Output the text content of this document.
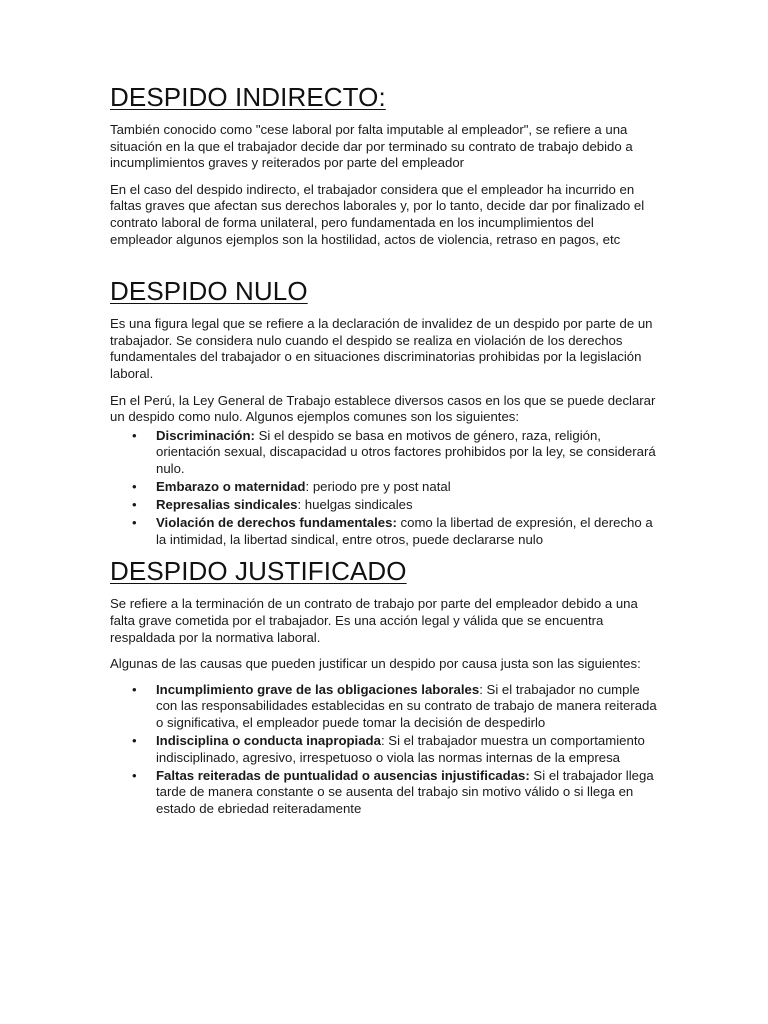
DESPIDO INDIRECTO:

También conocido como "cese laboral por falta imputable al empleador", se refiere a una situación en la que el trabajador decide dar por terminado su contrato de trabajo debido a incumplimientos graves y reiterados por parte del empleador

En el caso del despido indirecto, el trabajador considera que el empleador ha incurrido en faltas graves que afectan sus derechos laborales y, por lo tanto, decide dar por finalizado el contrato laboral de forma unilateral, pero fundamentada en los incumplimientos del empleador algunos ejemplos son la hostilidad, actos de violencia, retraso en pagos, etc

DESPIDO NULO

Es una figura legal que se refiere a la declaración de invalidez de un despido por parte de un trabajador. Se considera nulo cuando el despido se realiza en violación de los derechos fundamentales del trabajador o en situaciones discriminatorias prohibidas por la legislación laboral.

En el Perú, la Ley General de Trabajo establece diversos casos en los que se puede declarar un despido como nulo. Algunos ejemplos comunes son los siguientes:

• Discriminación: Si el despido se basa en motivos de género, raza, religión, orientación sexual, discapacidad u otros factores prohibidos por la ley, se considerará nulo.
• Embarazo o maternidad: periodo pre y post natal
• Represalias sindicales: huelgas sindicales
• Violación de derechos fundamentales: como la libertad de expresión, el derecho a la intimidad, la libertad sindical, entre otros, puede declararse nulo
DESPIDO JUSTIFICADO

Se refiere a la terminación de un contrato de trabajo por parte del empleador debido a una falta grave cometida por el trabajador. Es una acción legal y válida que se encuentra respaldada por la normativa laboral.

Algunas de las causas que pueden justificar un despido por causa justa son las siguientes:

• Incumplimiento grave de las obligaciones laborales: Si el trabajador no cumple con las responsabilidades establecidas en su contrato de trabajo de manera reiterada o significativa, el empleador puede tomar la decisión de despedirlo
• Indisciplina o conducta inapropiada: Si el trabajador muestra un comportamiento indisciplinado, agresivo, irrespetuoso o viola las normas internas de la empresa
• Faltas reiteradas de puntualidad o ausencias injustificadas: Si el trabajador llega tarde de manera constante o se ausenta del trabajo sin motivo válido o si llega en estado de ebriedad reiteradamente
